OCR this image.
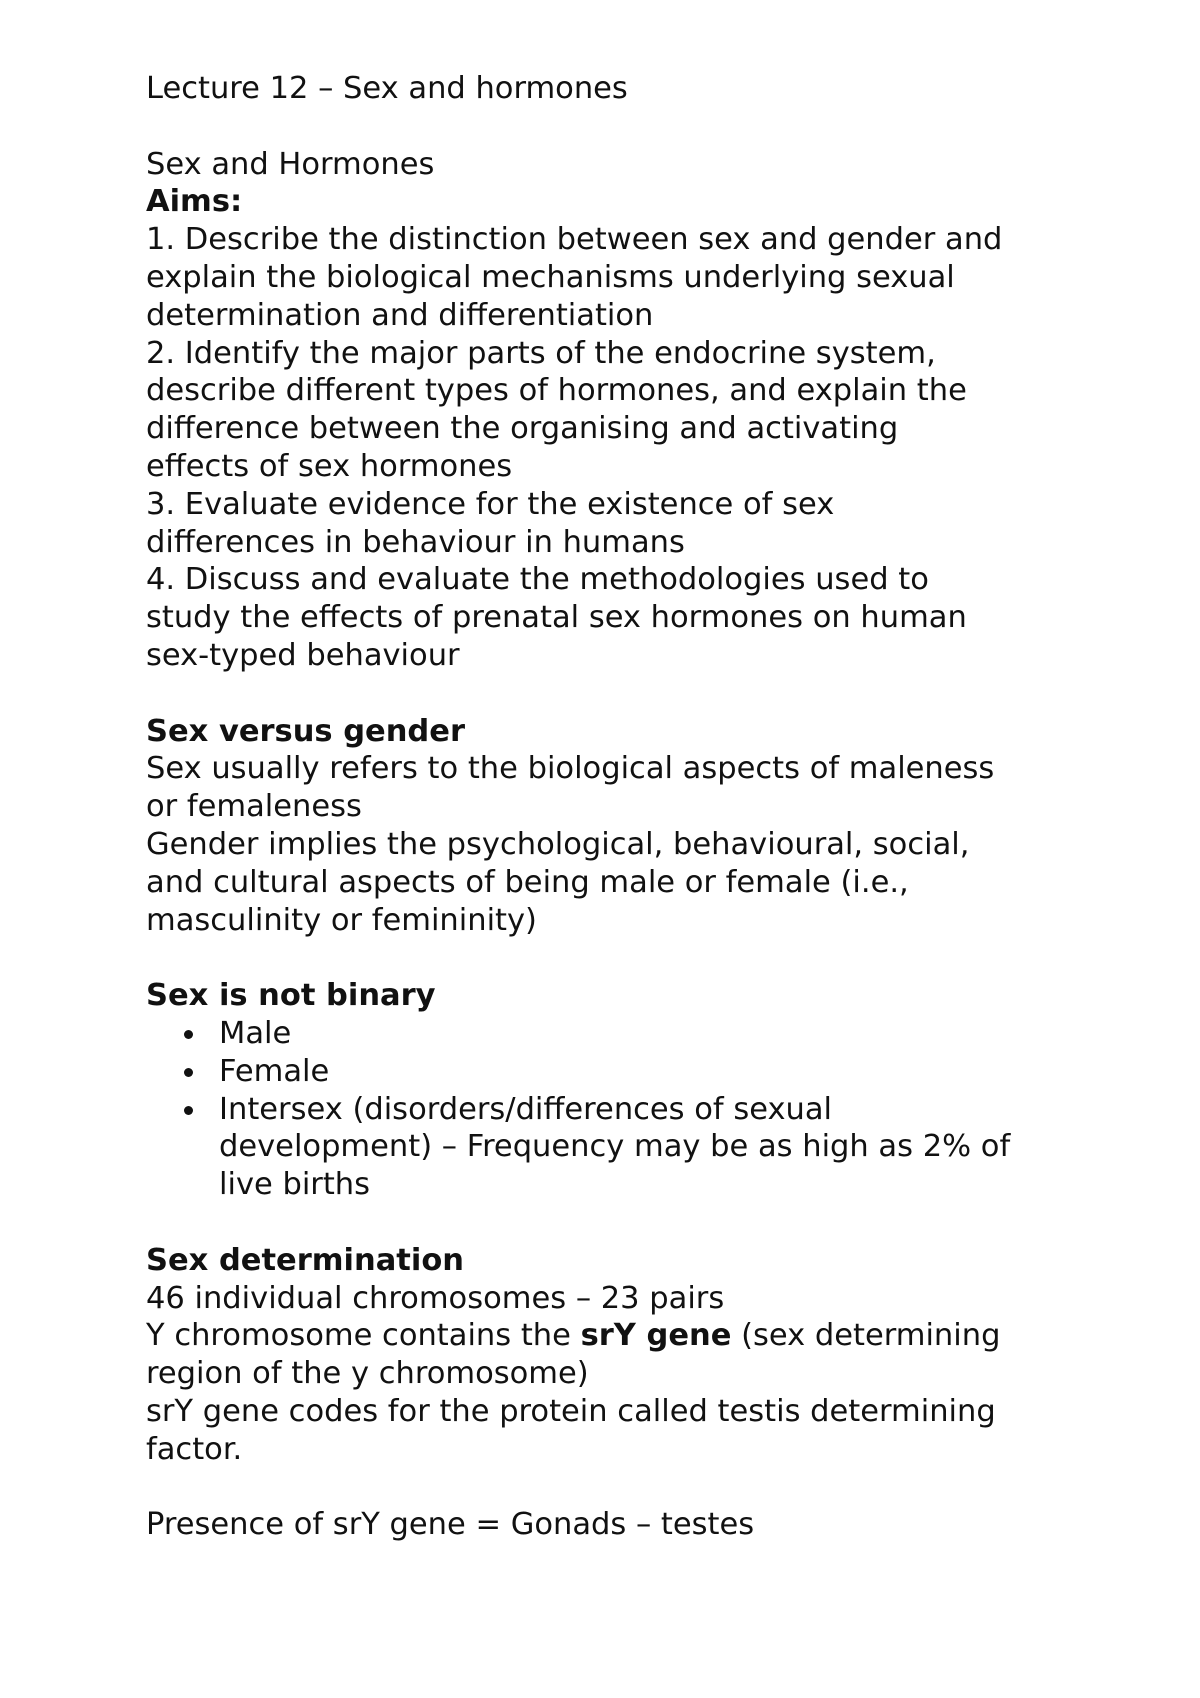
Lecture 12 – Sex and hormones
Sex and Hormones
Aims:
1. Describe the distinction between sex and gender and
explain the biological mechanisms underlying sexual
determination and differentiation
2. Identify the major parts of the endocrine system,
describe different types of hormones, and explain the
difference between the organising and activating
effects of sex hormones
3. Evaluate evidence for the existence of sex
differences in behaviour in humans
4. Discuss and evaluate the methodologies used to
study the effects of prenatal sex hormones on human
sex-typed behaviour
Sex versus gender
Sex usually refers to the biological aspects of maleness
or femaleness
Gender implies the psychological, behavioural, social,
and cultural aspects of being male or female (i.e.,
masculinity or femininity)
Sex is not binary
Male
Female
Intersex (disorders/differences of sexual
development) – Frequency may be as high as 2% of
live births
Sex determination
46 individual chromosomes – 23 pairs
Y chromosome contains the srY gene (sex determining
region of the y chromosome)
srY gene codes for the protein called testis determining
factor.
Presence of srY gene = Gonads – testes
